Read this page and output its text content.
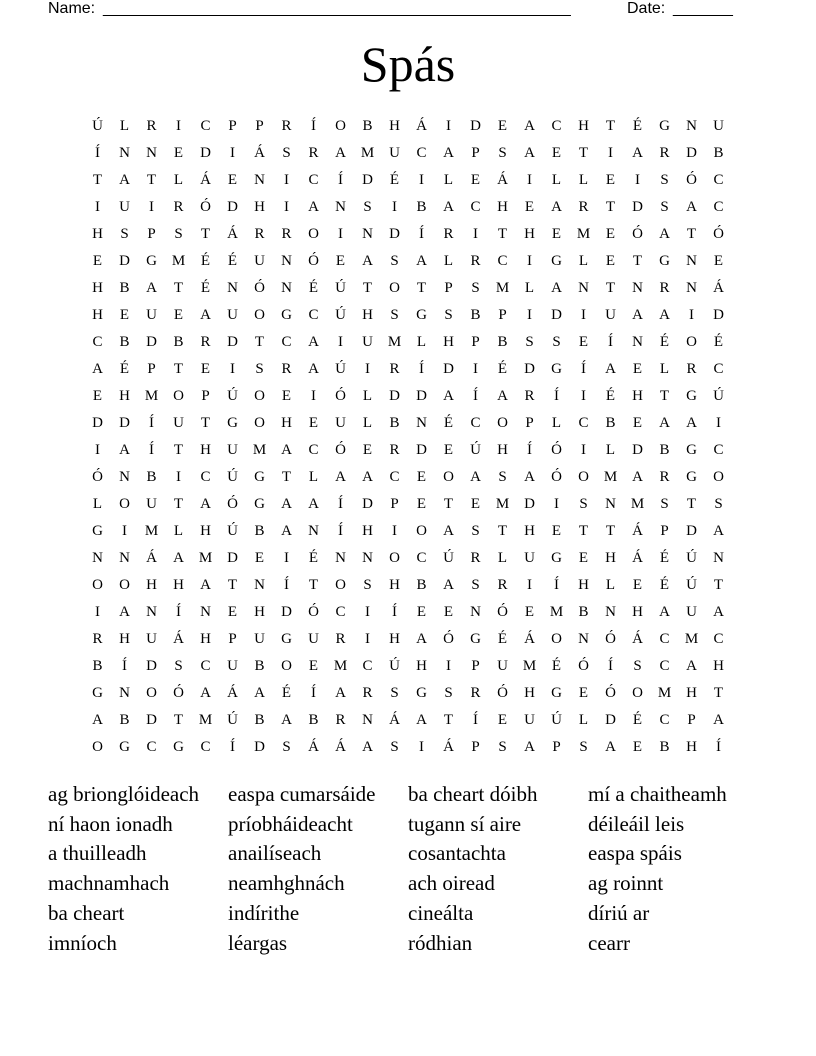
Name: _______________________________________________________	Date: _______
Spás
Ú	L	R	I	C	P	P	R	Í	O	B	H	Á	I	D	E	A	C	H	T	É	G	N	U
Í	N	N	E	D	I	Á	S	R	A M U	C	A	P	S	A	E	T	I	A	R	D	B
T	A	T	L	Á	E	N	I	C	Í	D	É	I	L	E	Á	I	L	L	E	I	S	Ó	C
I	U	I	R	Ó	D	H	I	A	N	S	I	B	A	C	H	E	A	R	T	D	S	A	C
H	S	P	S	T	Á	R	R	O	I	N	D	Í	R	I	T	H	E	M	E	Ó	A	T	Ó
E	D	G M	É	É	U	N	Ó	E	A	S	A	L	R	C	I	G	L	E	T	G	N	E
H	B	A	T	É	N	Ó	N	É	Ú	T	O	T	P	S	M	L	A	N	T	N	R	N	Á
H	E	U	E	A	U	O	G	C	Ú	H	S	G	S	B	P	I	D	I	U	A	A	I	D
C	B	D	B	R	D	T	C	A	I	U M	L	H	P	B	S	S	E	Í	N	É	O	É
A	É	P	T	E	I	S	R	A	Ú	I	R	Í	D	I	É	D	G	Í	A	E	L	R	C
E	H M O	P	Ú	O	E	I	Ó	L	D	D	A	Í	A	R	Í	I	É	H	T	G	Ú
D	D	Í	U	T	G	O	H	E	U	L	B	N	É	C	O	P	L	C	B	E	A	A	I
I	A	Í	T	H	U M A	C	Ó	E	R	D	E	Ú	H	Í	Ó	I	L	D	B	G	C
Ó	N	B	I	C	Ú	G	T	L	A	A	C	E	O	A	S	A	Ó	O M A	R	G	O
L	O	U	T	A	Ó	G	A	A	Í	D	P	E	T	E	M D	I	S	N M	S	T	S
G	I	M	L	H	Ú	B	A	N	Í	H	I	O	A	S	T	H	E	T	T	Á	P	D	A
N	N	Á	A M D	E	I	É	N	N	O	C	Ú	R	L	U	G	E	H	Á	É	Ú	N
O	O	H	H	A	T	N	Í	T	O	S	H	B	A	S	R	I	Í	H	L	E	É	Ú	T
I	A	N	Í	N	E	H	D	Ó	C	I	Í	E	E	N	Ó	E	M	B	N	H	A	U	A
R	H	U	Á	H	P	U	G	U	R	I	H	A	Ó	G	É	Á	O	N	Ó	Á	C	M	C
B	Í	D	S	C	U	B	O	E	M	C	Ú	H	I	P	U M	É	Ó	Í	S	C	A	H
G	N	O	Ó	A	Á	A	É	Í	A	R	S	G	S	R	Ó	H	G	E	Ó	O M H	T
A	B	D	T	M Ú	B	A	B	R	N	Á	A	T	Í	E	U	Ú	L	D	É	C	P	A
O	G	C	G	C	Í	D	S	Á	Á	A	S	I	Á	P	S	A	P	S	A	E	B	H	Í
ag brionglóideach	easpa cumarsáide	ba cheart dóibh	mí a chaitheamh
ní haon ionadh	príobháideacht	tugann sí aire	déileáil leis
a thuilleadh	anailíseach	cosantachta	easpa spáis
machnamhach	neamhghnách	ach oiread	ag roinnt
ba cheart	indírithe	cineálta	díriú ar
imníoch	léargas	ródhian	cearr
